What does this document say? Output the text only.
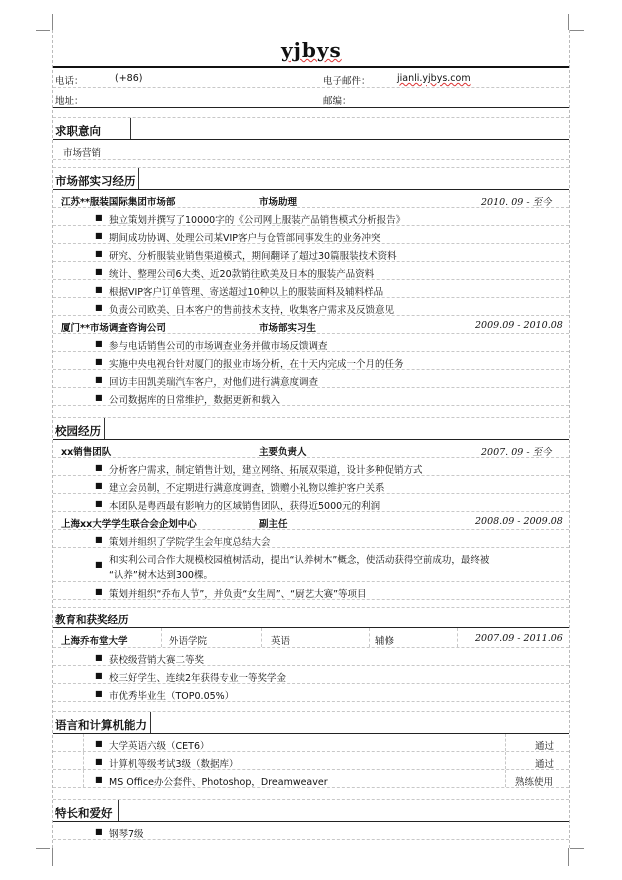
yjbys
电话：	(+86)	电子邮件：	jianli.yjbys.com
地址：	邮编：
求职意向
市场营销
市场部实习经历
江苏**服装国际集团市场部	市场助理	2010. 09 - 至今
■ 独立策划并撰写了10000字的《公司网上服装产品销售模式分析报告》
■ 期间成功协调、处理公司某VIP客户与仓管部同事发生的业务冲突
■ 研究、分析服装业销售渠道模式，期间翻译了超过30篇服装技术资料
■ 统计、整理公司6大类、近20款销往欧美及日本的服装产品资料
■ 根据VIP客户订单管理、寄送超过10种以上的服装面料及辅料样品
■ 负责公司欧美、日本客户的售前技术支持，收集客户需求及反馈意见
厦门**市场调查咨询公司	市场部实习生	2009.09 - 2010.08
■ 参与电话销售公司的市场调查业务并做市场反馈调查
■ 实施中央电视台针对厦门的报业市场分析，在十天内完成一个月的任务
■ 回访丰田凯美瑞汽车客户，对他们进行满意度调查
■ 公司数据库的日常维护，数据更新和载入
校园经历
xx销售团队	主要负责人	2007. 09 - 至今
■ 分析客户需求，制定销售计划，建立网络、拓展双渠道，设计多种促销方式
■ 建立会员制，不定期进行满意度调查，馈赠小礼物以维护客户关系
■ 本团队是粤西最有影响力的区域销售团队，获得近5000元的利润
上海xx大学学生联合会企划中心	副主任	2008.09 - 2009.08
■ 策划并组织了学院学生会年度总结大会
■ 和实利公司合作大规模校园植树活动，提出“认养树木”概念，使活动获得空前成功，最终被
“认养”树木达到300棵。
■ 策划并组织“乔布人节”，并负责“女生周”、“厨艺大赛”等项目
教育和获奖经历
上海乔布堂大学	外语学院	英语	辅修	2007.09 - 2011.06
■ 获校级营销大赛二等奖
■ 校三好学生、连续2年获得专业一等奖学金
■ 市优秀毕业生（TOP0.05%）
语言和计算机能力
■ 大学英语六级（CET6）	通过
■ 计算机等级考试3级（数据库）	通过
■ MS Office办公套件、Photoshop，Dreamweaver	熟练使用
特长和爱好
■ 钢琴7级
